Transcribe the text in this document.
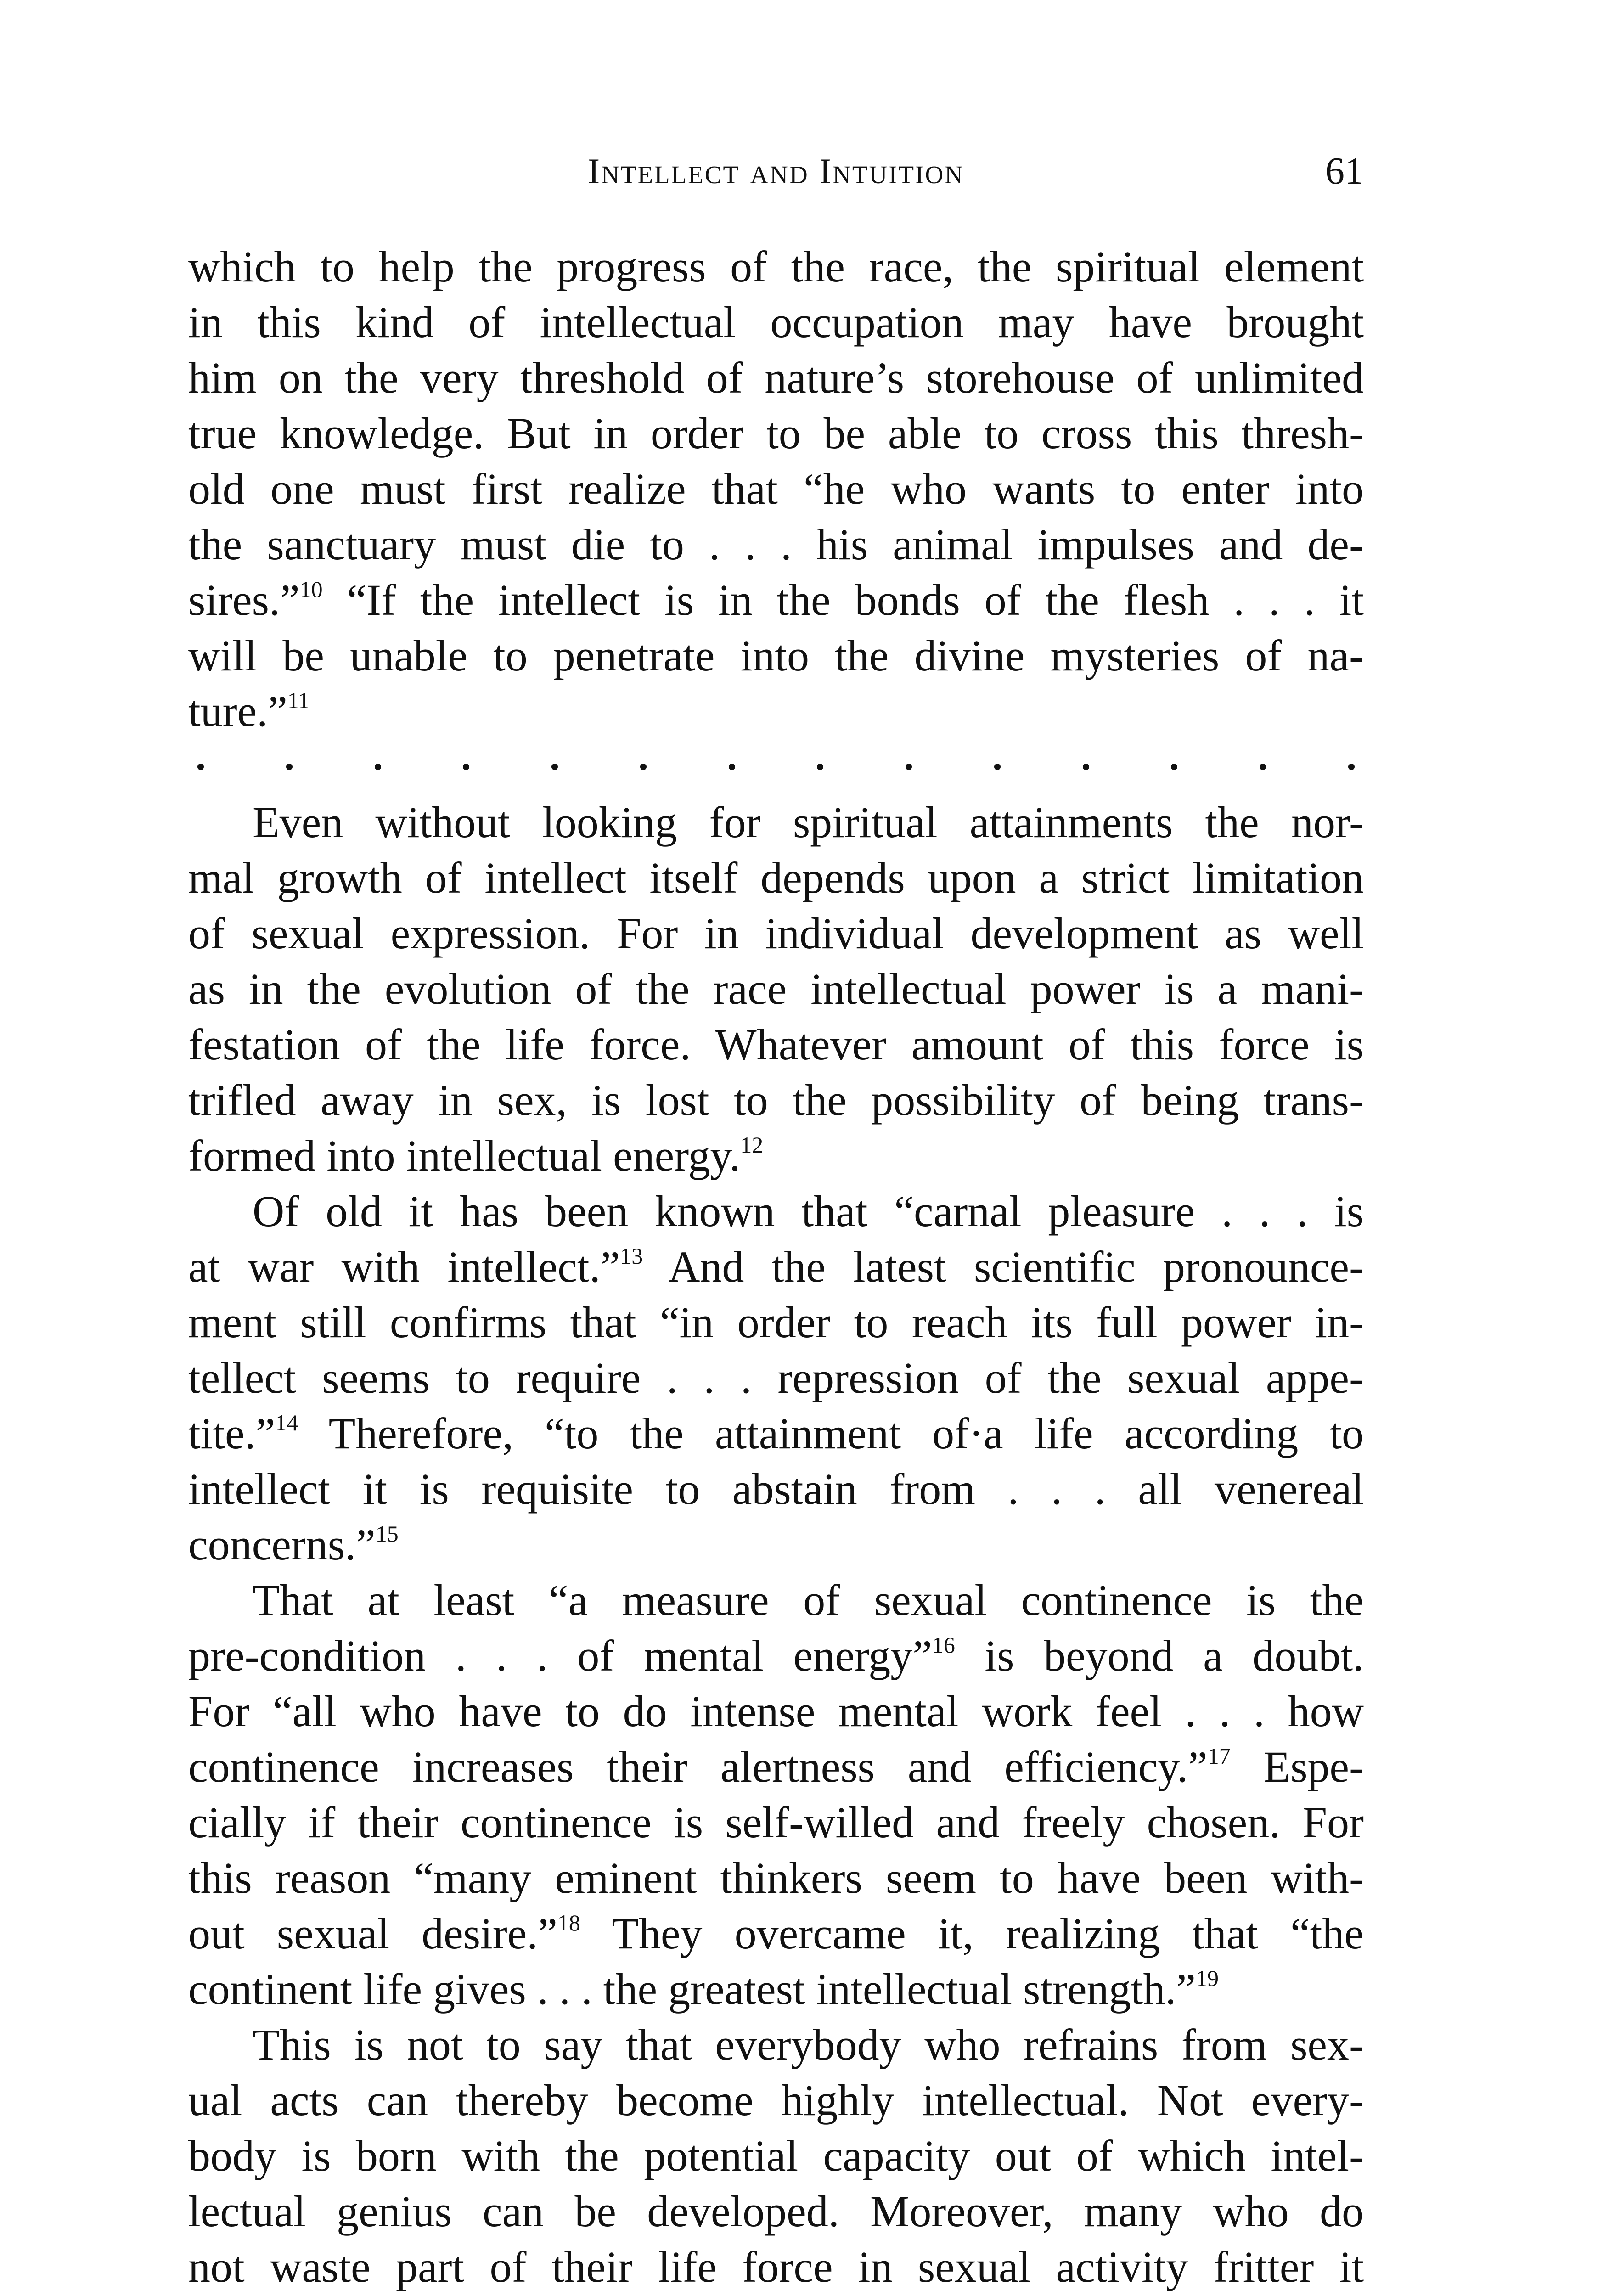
Intellect and Intuition	61
which to help the progress of the race, the spiritual element
in this kind of intellectual occupation may have brought
him on the very threshold of nature’s storehouse of unlimited
true knowledge. But in order to be able to cross this thresh-
old one must first realize that “he who wants to enter into
the sanctuary must die to . . . his animal impulses and de-
sires.”$^{10}$ “If the intellect is in the bonds of the flesh . . . it
will be unable to penetrate into the divine mysteries of na-
ture.”$^{11}$
Even without looking for spiritual attainments the nor-
mal growth of intellect itself depends upon a strict limitation
of sexual expression. For in individual development as well
as in the evolution of the race intellectual power is a mani-
festation of the life force. Whatever amount of this force is
trifled away in sex, is lost to the possibility of being trans-
formed into intellectual energy.$^{12}$
Of old it has been known that “carnal pleasure . . . is
at war with intellect.”$^{13}$ And the latest scientific pronounce-
ment still confirms that “in order to reach its full power in-
tellect seems to require . . . repression of the sexual appe-
tite.”$^{14}$ Therefore, “to the attainment of·a life according to
intellect it is requisite to abstain from . . . all venereal
concerns.”$^{15}$
That at least “a measure of sexual continence is the
pre-condition . . . of mental energy”$^{16}$ is beyond a doubt.
For “all who have to do intense mental work feel . . . how
continence increases their alertness and efficiency.”$^{17}$ Espe-
cially if their continence is self-willed and freely chosen. For
this reason “many eminent thinkers seem to have been with-
out sexual desire.”$^{18}$ They overcame it, realizing that “the
continent life gives . . . the greatest intellectual strength.”$^{19}$
This is not to say that everybody who refrains from sex-
ual acts can thereby become highly intellectual. Not every-
body is born with the potential capacity out of which intel-
lectual genius can be developed. Moreover, many who do
not waste part of their life force in sexual activity fritter it
